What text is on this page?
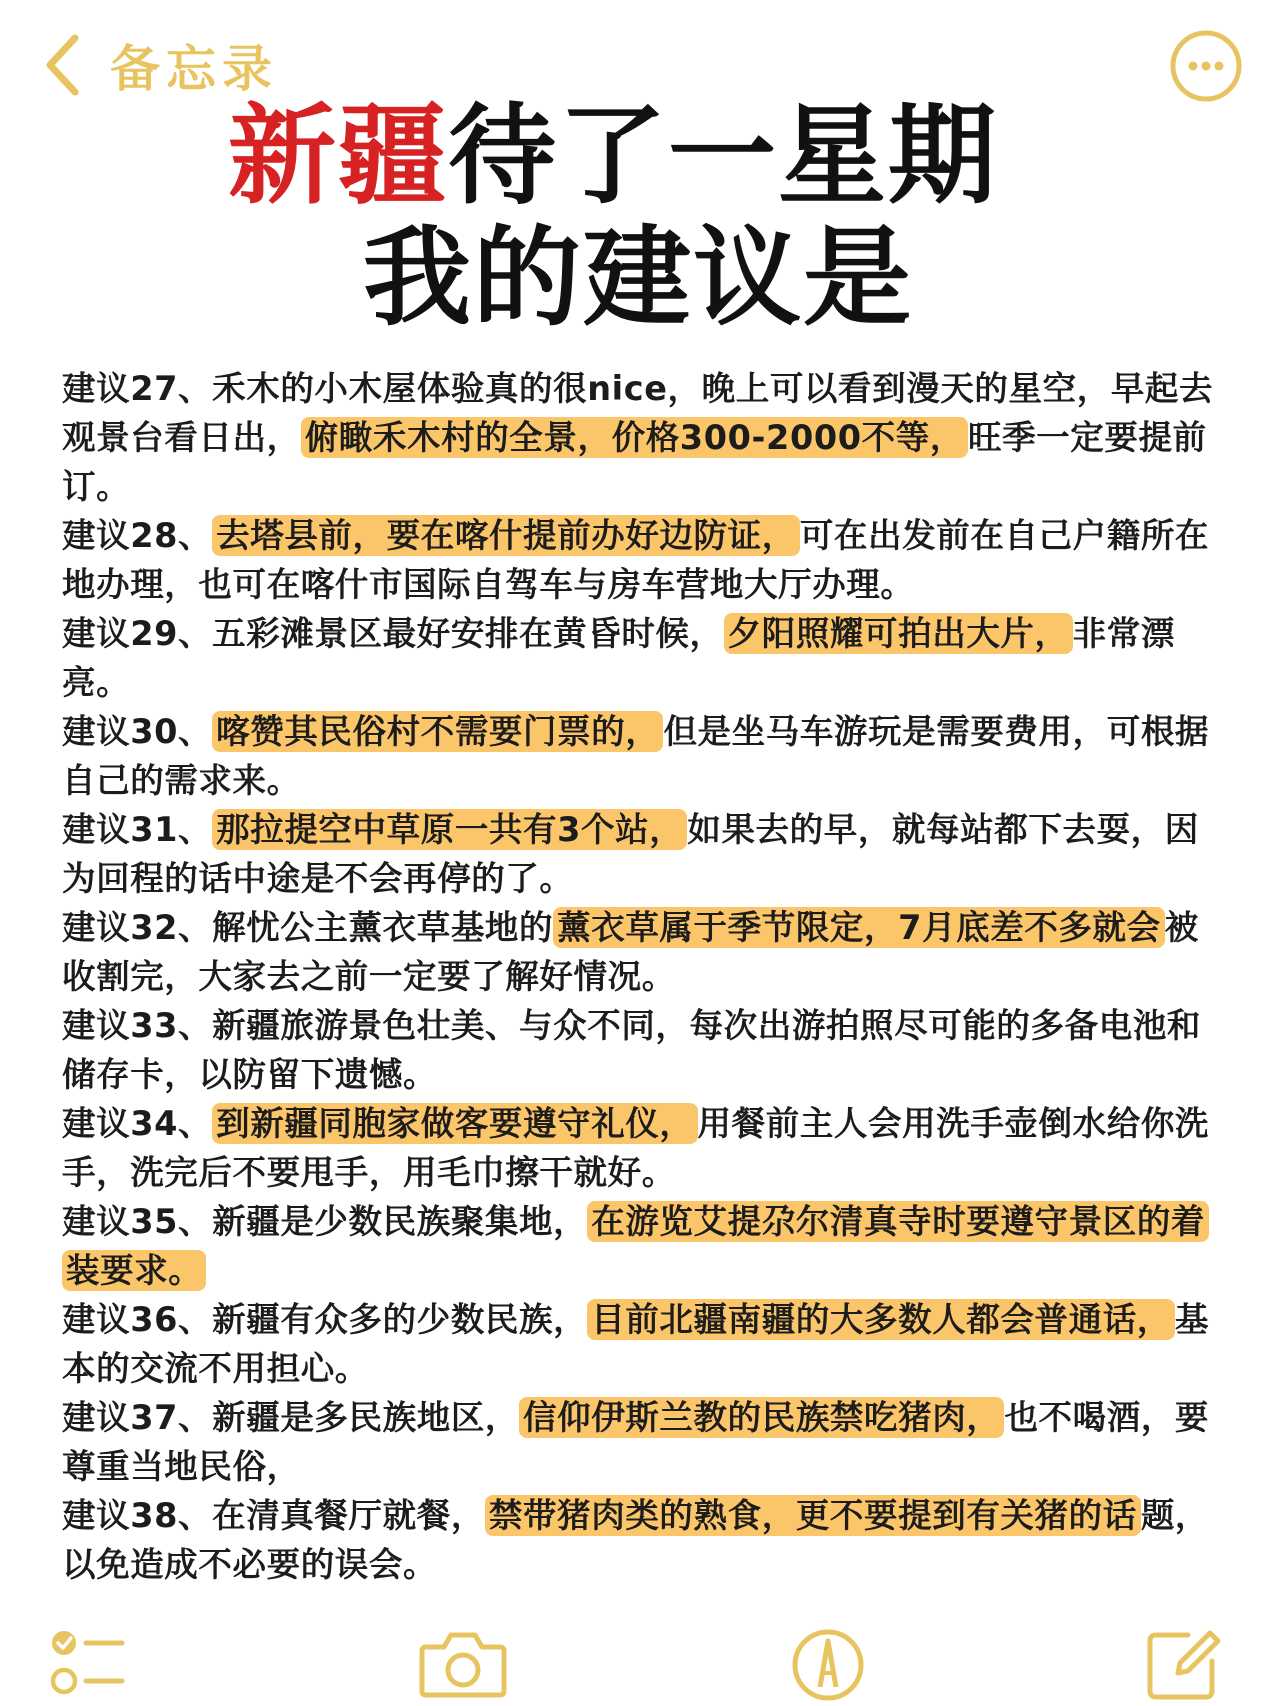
备忘录
新疆待了一星期
我的建议是
建议27、禾木的小木屋体验真的很nice，晚上可以看到漫天的星空，早起去观景台看日出， 俯瞰禾木村的全景，价格300-2000不等， 旺季一定要提前订。
建议28、 去塔县前，要在喀什提前办好边防证， 可在出发前在自己户籍所在地办理，也可在喀什市国际自驾车与房车营地大厅办理。
建议29、五彩滩景区最好安排在黄昏时候， 夕阳照耀可拍出大片， 非常漂亮。
建议30、 喀赞其民俗村不需要门票的， 但是坐马车游玩是需要费用，可根据自己的需求来。
建议31、 那拉提空中草原一共有3个站， 如果去的早，就每站都下去耍，因为回程的话中途是不会再停的了。
建议32、解忧公主薰衣草基地的 薰衣草属于季节限定，7月底差不多就会 被收割完，大家去之前一定要了解好情况。
建议33、新疆旅游景色壮美、与众不同，每次出游拍照尽可能的多备电池和储存卡，以防留下遗憾。
建议34、 到新疆同胞家做客要遵守礼仪， 用餐前主人会用洗手壶倒水给你洗手，洗完后不要甩手，用毛巾擦干就好。
建议35、新疆是少数民族聚集地， 在游览艾提尕尔清真寺时要遵守景区的着装要求。
建议36、新疆有众多的少数民族， 目前北疆南疆的大多数人都会普通话， 基本的交流不用担心。
建议37、新疆是多民族地区， 信仰伊斯兰教的民族禁吃猪肉， 也不喝酒，要尊重当地民俗，
建议38、在清真餐厅就餐， 禁带猪肉类的熟食，更不要提到有关猪的话 题，以免造成不必要的误会。
